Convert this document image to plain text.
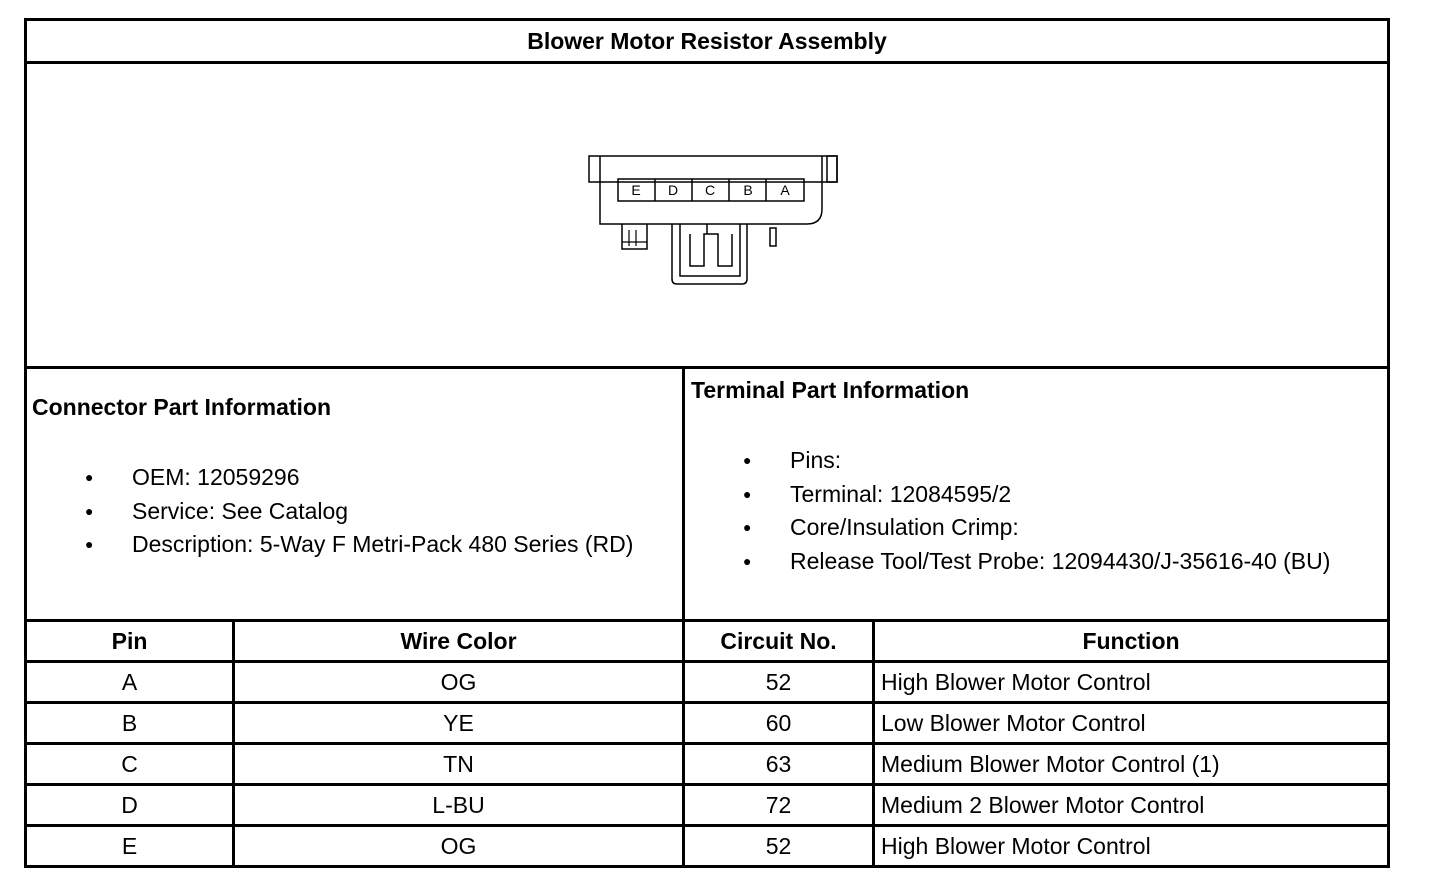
Blower Motor Resistor Assembly
E D C B A
Connector Part Information
● OEM: 12059296
● Service: See Catalog
● Description: 5-Way F Metri-Pack 480 Series (RD)
Terminal Part Information
● Pins:
● Terminal: 12084595/2
● Core/Insulation Crimp:
● Release Tool/Test Probe: 12094430/J-35616-40 (BU)
Pin	Wire Color	Circuit No.	Function
A	OG	52	High Blower Motor Control
B	YE	60	Low Blower Motor Control
C	TN	63	Medium Blower Motor Control (1)
D	L-BU	72	Medium 2 Blower Motor Control
E	OG	52	High Blower Motor Control
